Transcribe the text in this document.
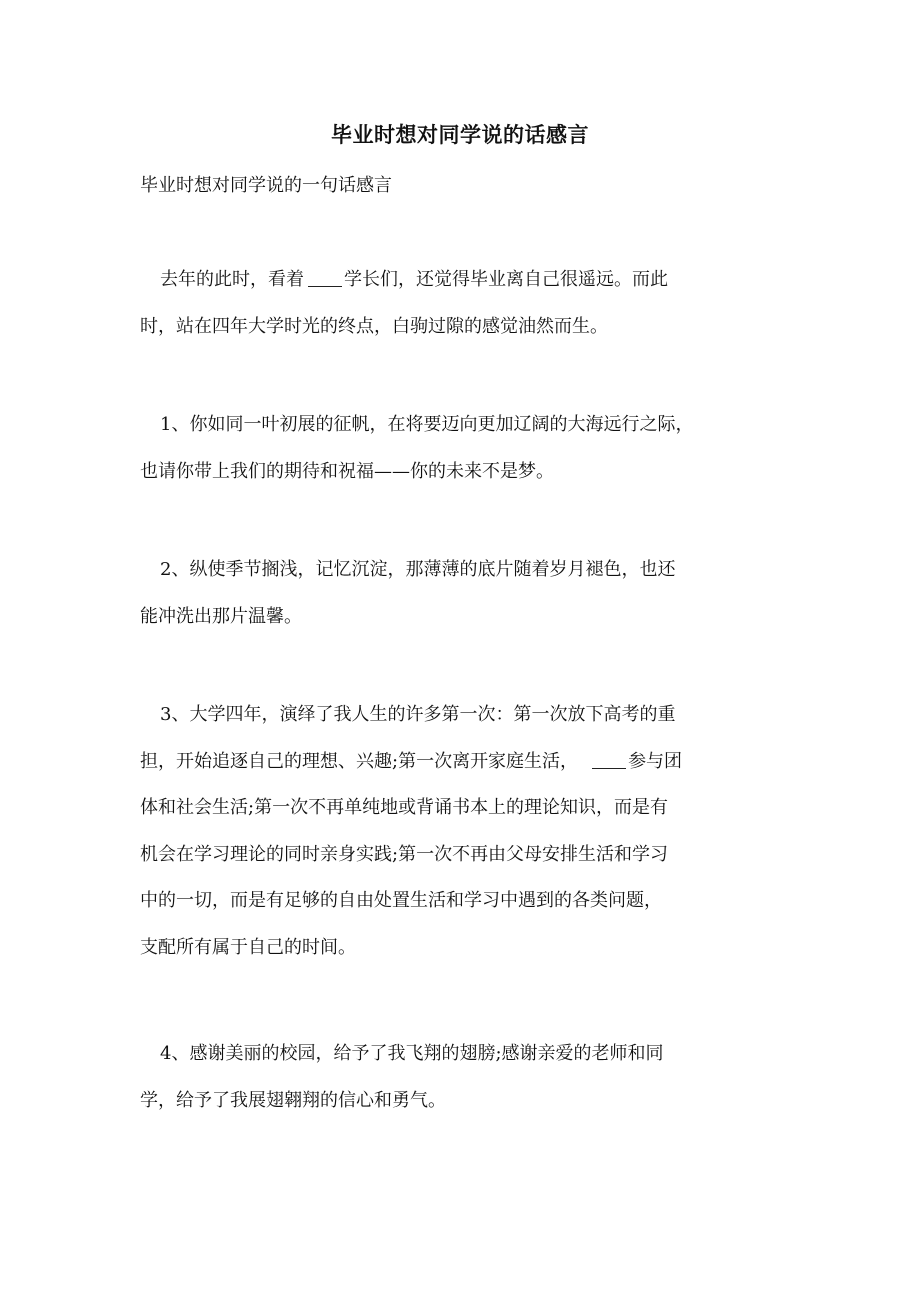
毕业时想对同学说的话感言
毕业时想对同学说的一句话感言
去年的此时，看着 学长们，还觉得毕业离自己很遥远。而此
时，站在四年大学时光的终点，白驹过隙的感觉油然而生。
1、你如同一叶初展的征帆，在将要迈向更加辽阔的大海远行之际，
也请你带上我们的期待和祝福——你的未来不是梦。
2、纵使季节搁浅，记忆沉淀，那薄薄的底片随着岁月褪色，也还
能冲洗出那片温馨。
3、大学四年，演绎了我人生的许多第一次：第一次放下高考的重
担，开始追逐自己的理想、兴趣;第一次离开家庭生活，	参与团
体和社会生活;第一次不再单纯地或背诵书本上的理论知识，而是有
机会在学习理论的同时亲身实践;第一次不再由父母安排生活和学习
中的一切，而是有足够的自由处置生活和学习中遇到的各类问题，
支配所有属于自己的时间。
4、感谢美丽的校园，给予了我飞翔的翅膀;感谢亲爱的老师和同
学，给予了我展翅翱翔的信心和勇气。
